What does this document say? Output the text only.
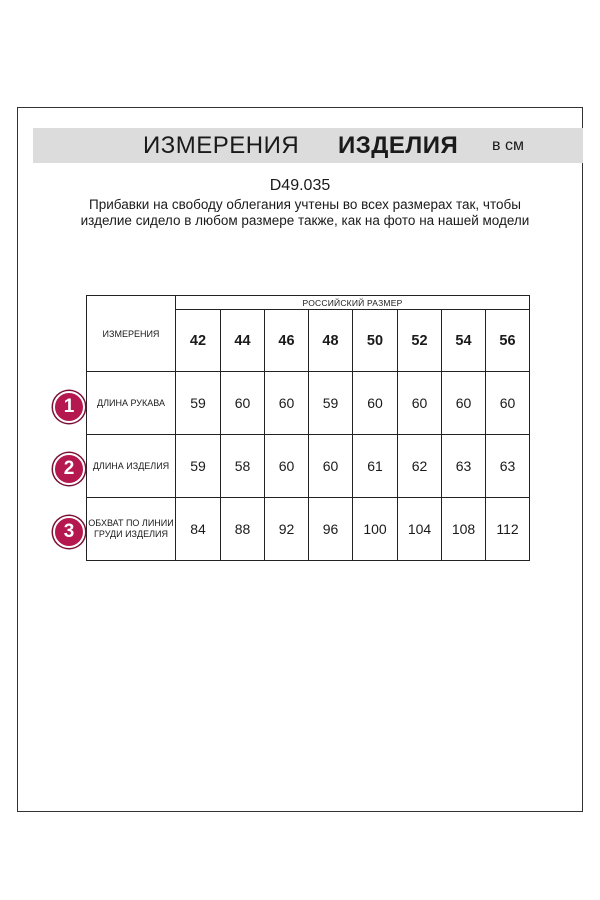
ИЗМЕРЕНИЯ ИЗДЕЛИЯ в см
D49.035
Прибавки на свободу облегания учтены во всех размерах так, чтобы изделие сидело в любом размере также, как на фото на нашей модели
ИЗМЕРЕНИЯ	РОССИЙСКИЙ РАЗМЕР							
	42	44	46	48	50	52	54	56
ДЛИНА РУКАВА	59	60	60	59	60	60	60	60
ДЛИНА ИЗДЕЛИЯ	59	58	60	60	61	62	63	63
ОБХВАТ ПО ЛИНИИ ГРУДИ ИЗДЕЛИЯ	84	88	92	96	100	104	108	112
1
2
3
